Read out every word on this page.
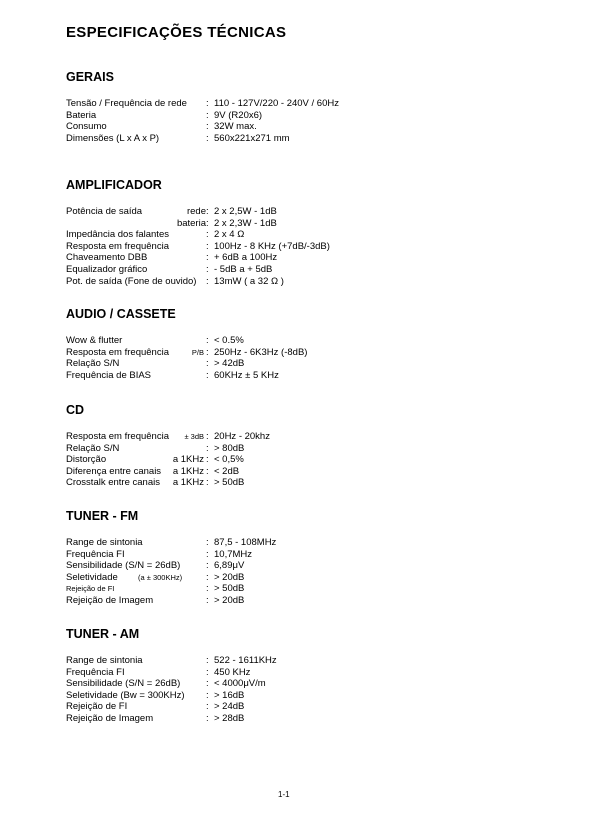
ESPECIFICAÇÕES TÉCNICAS
GERAIS
Tensão / Frequência de rede : 110 - 127V/220 - 240V / 60Hz
Bateria	: 9V (R20x6)
Consumo	: 32W max.
Dimensões (L x A x P)	: 560x221x271 mm
AMPLIFICADOR
Potência de saída	rede : 2 x 2,5W - 1dB
bateria : 2 x 2,3W - 1dB
Impedância dos falantes	: 2 x 4 Ω
Resposta em frequência	: 100Hz - 8 KHz (+7dB/-3dB)
Chaveamento DBB	: + 6dB a 100Hz
Equalizador gráfico	: - 5dB a + 5dB
Pot. de saída (Fone de ouvido) : 13mW ( a 32 Ω )
AUDIO / CASSETE
Wow & flutter	: < 0.5%
Resposta em frequência	P/B : 250Hz - 6K3Hz (-8dB)
Relação S/N	: > 42dB
Frequência de BIAS	: 60KHz ± 5 KHz
CD
Resposta em frequência ± 3dB : 20Hz - 20khz
Relação S/N	: > 80dB
Distorção	a 1KHz : < 0,5%
Diferença entre canais a 1KHz : < 2dB
Crosstalk entre canais a 1KHz : > 50dB
TUNER - FM
Range de sintonia	: 87,5 - 108MHz
Frequência FI	: 10,7MHz
Sensibilidade (S/N = 26dB)	: 6,89μV
Seletividade	(a ± 300KHz)	: > 20dB
Rejeição de FI	: > 50dB
Rejeição de Imagem	: > 20dB
TUNER - AM
Range de sintonia	: 522 - 1611KHz
Frequência FI	: 450 KHz
Sensibilidade (S/N = 26dB)	: < 4000μV/m
Seletividade (Bw = 300KHz) : > 16dB
Rejeição de FI	: > 24dB
Rejeição de Imagem	: > 28dB
1-1
